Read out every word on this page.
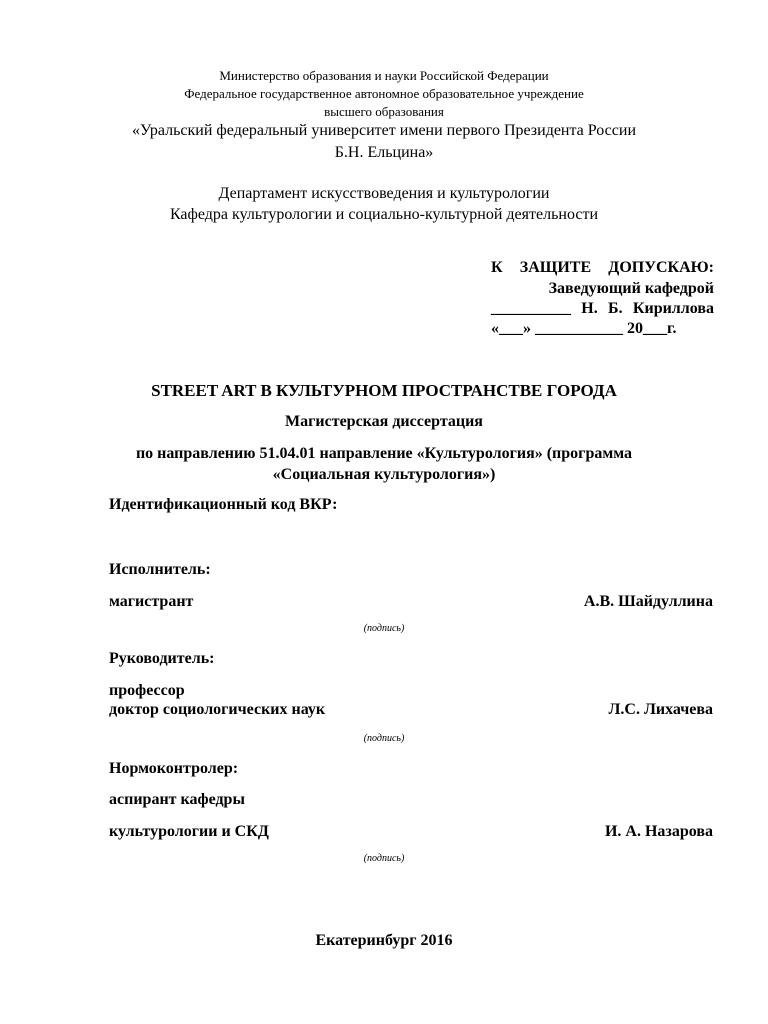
Министерство образования и науки Российской Федерации
Федеральное государственное автономное образовательное учреждение
высшего образования
«Уральский федеральный университет имени первого Президента России
Б.Н. Ельцина»
Департамент искусствоведения и культурологии
Кафедра культурологии и социально-культурной деятельности
К ЗАЩИТЕ ДОПУСКАЮ:
Заведующий кафедрой
__________ Н. Б. Кириллова
«___» ___________ 20___г.
STREET ART В КУЛЬТУРНОМ ПРОСТРАНСТВЕ ГОРОДА
Магистерская диссертация
по направлению 51.04.01 направление «Культурология» (программа
«Социальная культурология»)
Идентификационный код ВКР:
Исполнитель:
магистрант	А.В. Шайдуллина
(подпись)
Руководитель:
профессор
доктор социологических наук	Л.С. Лихачева
(подпись)
Нормоконтролер:
аспирант кафедры
культурологии и СКД	И. А. Назарова
(подпись)
Екатеринбург 2016
